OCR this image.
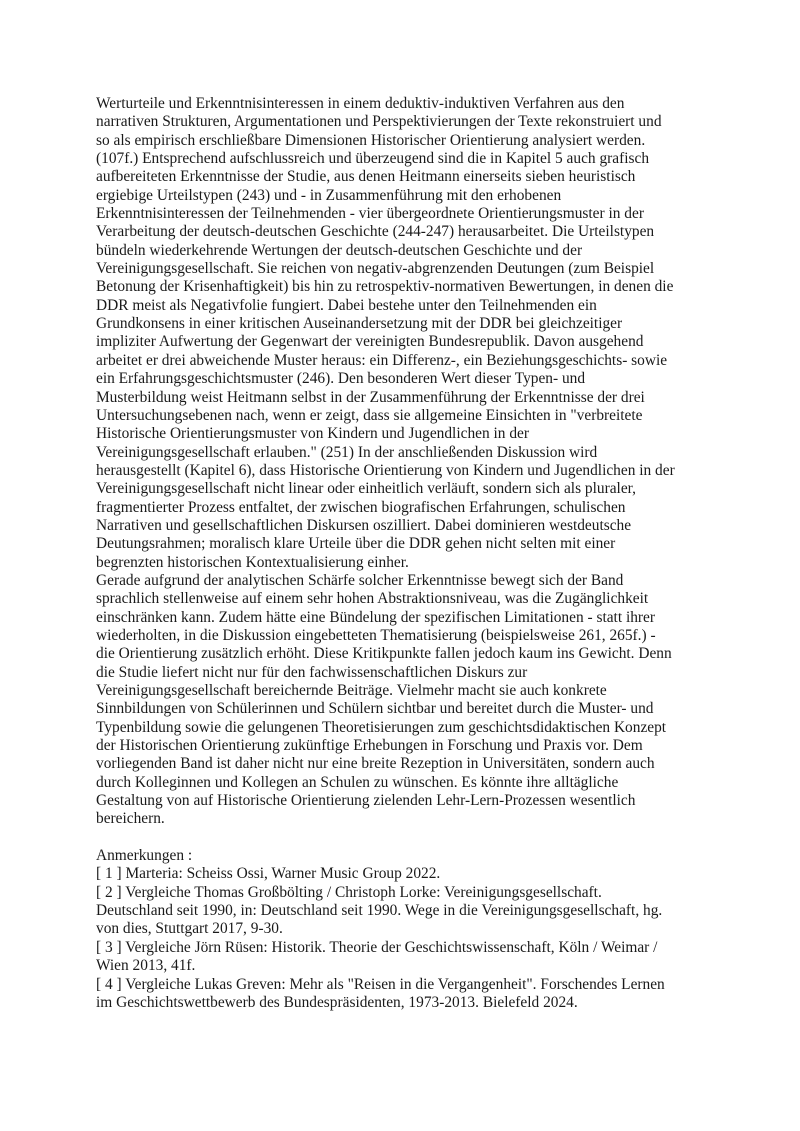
Werturteile und Erkenntnisinteressen in einem deduktiv-induktiven Verfahren aus den
narrativen Strukturen, Argumentationen und Perspektivierungen der Texte rekonstruiert und
so als empirisch erschließbare Dimensionen Historischer Orientierung analysiert werden.
(107f.) Entsprechend aufschlussreich und überzeugend sind die in Kapitel 5 auch grafisch
aufbereiteten Erkenntnisse der Studie, aus denen Heitmann einerseits sieben heuristisch
ergiebige Urteilstypen (243) und - in Zusammenführung mit den erhobenen
Erkenntnisinteressen der Teilnehmenden - vier übergeordnete Orientierungsmuster in der
Verarbeitung der deutsch-deutschen Geschichte (244-247) herausarbeitet. Die Urteilstypen
bündeln wiederkehrende Wertungen der deutsch-deutschen Geschichte und der
Vereinigungsgesellschaft. Sie reichen von negativ-abgrenzenden Deutungen (zum Beispiel
Betonung der Krisenhaftigkeit) bis hin zu retrospektiv-normativen Bewertungen, in denen die
DDR meist als Negativfolie fungiert. Dabei bestehe unter den Teilnehmenden ein
Grundkonsens in einer kritischen Auseinandersetzung mit der DDR bei gleichzeitiger
impliziter Aufwertung der Gegenwart der vereinigten Bundesrepublik. Davon ausgehend
arbeitet er drei abweichende Muster heraus: ein Differenz-, ein Beziehungsgeschichts- sowie
ein Erfahrungsgeschichtsmuster (246). Den besonderen Wert dieser Typen- und
Musterbildung weist Heitmann selbst in der Zusammenführung der Erkenntnisse der drei
Untersuchungsebenen nach, wenn er zeigt, dass sie allgemeine Einsichten in "verbreitete
Historische Orientierungsmuster von Kindern und Jugendlichen in der
Vereinigungsgesellschaft erlauben." (251) In der anschließenden Diskussion wird
herausgestellt (Kapitel 6), dass Historische Orientierung von Kindern und Jugendlichen in der
Vereinigungsgesellschaft nicht linear oder einheitlich verläuft, sondern sich als pluraler,
fragmentierter Prozess entfaltet, der zwischen biografischen Erfahrungen, schulischen
Narrativen und gesellschaftlichen Diskursen oszilliert. Dabei dominieren westdeutsche
Deutungsrahmen; moralisch klare Urteile über die DDR gehen nicht selten mit einer
begrenzten historischen Kontextualisierung einher.

Gerade aufgrund der analytischen Schärfe solcher Erkenntnisse bewegt sich der Band
sprachlich stellenweise auf einem sehr hohen Abstraktionsniveau, was die Zugänglichkeit
einschränken kann. Zudem hätte eine Bündelung der spezifischen Limitationen - statt ihrer
wiederholten, in die Diskussion eingebetteten Thematisierung (beispielsweise 261, 265f.) -
die Orientierung zusätzlich erhöht. Diese Kritikpunkte fallen jedoch kaum ins Gewicht. Denn
die Studie liefert nicht nur für den fachwissenschaftlichen Diskurs zur
Vereinigungsgesellschaft bereichernde Beiträge. Vielmehr macht sie auch konkrete
Sinnbildungen von Schülerinnen und Schülern sichtbar und bereitet durch die Muster- und
Typenbildung sowie die gelungenen Theoretisierungen zum geschichtsdidaktischen Konzept
der Historischen Orientierung zukünftige Erhebungen in Forschung und Praxis vor. Dem
vorliegenden Band ist daher nicht nur eine breite Rezeption in Universitäten, sondern auch
durch Kolleginnen und Kollegen an Schulen zu wünschen. Es könnte ihre alltägliche
Gestaltung von auf Historische Orientierung zielenden Lehr-Lern-Prozessen wesentlich
bereichern.

Anmerkungen :

[ 1 ] Marteria: Scheiss Ossi, Warner Music Group 2022.

[ 2 ] Vergleiche Thomas Großbölting / Christoph Lorke: Vereinigungsgesellschaft.
Deutschland seit 1990, in: Deutschland seit 1990. Wege in die Vereinigungsgesellschaft, hg.
von dies, Stuttgart 2017, 9-30.

[ 3 ] Vergleiche Jörn Rüsen: Historik. Theorie der Geschichtswissenschaft, Köln / Weimar /
Wien 2013, 41f.

[ 4 ] Vergleiche Lukas Greven: Mehr als "Reisen in die Vergangenheit". Forschendes Lernen
im Geschichtswettbewerb des Bundespräsidenten, 1973-2013. Bielefeld 2024.
